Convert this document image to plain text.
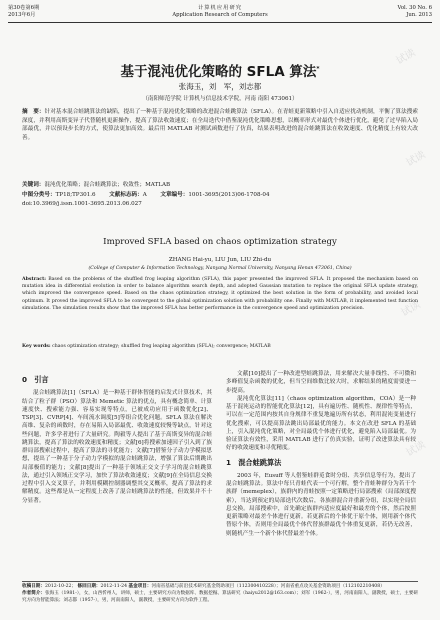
第30卷第6期
2013年6月
计算机应用研究
Application Research of Computers
Vol. 30 No. 6
Jun. 2013
试读
试读
试读
试读
基于混沌优化策略的 SFLA 算法*
张海玉，刘　军，刘志都
（南阳师范学院 计算机与信息技术学院，河南 南阳 473061）
摘　要：针对基本混合蛙跳算法的缺陷，提出了一种基于混沌优化策略的改进混合蛙跳算法（SFLA）。在青蛙更新策略中引入自适应扰动机制，平衡了算法搜索深度，并利用高斯变异子代替随机更新操作，提高了算法收敛速度；在全局迭代中借鉴混沌优化策略思想，以概率形式对最优个体进行优化，避免了过早陷入局部最优，并以预设步长的方式，使算法更加高效。最后用 MATLAB 对测试函数进行了仿真，结果表明改进的混合蛙跳算法在收敛速度、优化精度上有较大改善。
关键词：混沌优化策略；混合蛙跳算法；收敛性；MATLAB
中图分类号：TP18;TP301.6 文献标志码：A 文章编号：1001-3695(2013)06-1708-04
doi:10.3969/j.issn.1001-3695.2013.06.027
Improved SFLA based on chaos optimization strategy
ZHANG Hai-yu, LIU Jun, LIU Zhi-du
(College of Computer & Information Technology, Nanyang Normal University, Nanyang Henan 473061, China)
Abstract: Based on the problems of the shuffled frog leaping algorithm (SFLA), this paper presented the improved SFLA. It proposed the mechanism based on mutation idea in differential evolution in order to balance algorithm search depth, and adopted Gaussian mutation to replace the original SFLA update strategy, which improved the convergence speed. Based on the chaos optimization strategy, it optimized the best solution in the form of probability, and avoided local optimum. It proved the improved SFLA to be convergent to the global optimization solution with probability one. Finally with MATLAB, it implemented test function simulations. The simulation results show that the improved SFLA has better performance in the convergence speed and optimization precision.
Key words: chaos optimization strategy; shuffled frog leaping algorithm (SFLA); convergence; MATLAB
0　引言

混合蛙跳算法[1]（SFLA）是一种基于群体智能的启发式计算技术，其结合了粒子群（PSO）算法和 Memetic 算法的优点，具有概念简单、计算速度快、搜索能力强、容易实现等特点，已被成功应用于函数优化[2]、TSP[3]、CVRP[4]、车间流水调度[5]等组合优化问题。SFLA 算法在解决高维、复杂的函数时，存在易陷入局部最优、收敛速度较慢等缺点，针对这些问题，许多学者进行了大量研究。陶毅等人提出了基于高斯变异的混合蛙跳算法，提高了算法的收敛速度和精度；文献[6]将搜索加速因子引入到了族群局部搜索过程中，提高了算法的寻优能力；文献[7]借鉴分子动力学模拟思想，提出了一种基于分子动力学模拟的混合蛙跳算法，增强了算法后期跳出局部极值的能力；文献[8]提出了一种基于领域正交文子学习的混合蛙跳算法，通过引入领域正交学习，加快了算法收敛速度；文献[9]在全局信息交换过程中引入交叉算子，并利用模糊控制器调整其交叉概率，提高了算法的求解精度。这些都是从一定程度上改善了混合蛙跳算法的性能，但效果并不十分显著。

文献[10]提出了一种改进型蛙跳算法，用来解决大量非线性、不可微和多峰值复杂函数的优化，但当空间维数比较大时，求解结果的精度需要进一步提高。

混沌优化算法[11]（chaos optimization algorithm，COA）是一种基于混沌运动的智能优化算法[12]，具有遍历性、随机性、规律性等特点，可以在一定范围内按其自身规律不重复地遍历所有状态，利用混沌变量进行优化搜索，可以提高算法跳出局部最优的能力。本文在改进 SFLA 的基础上，引入混沌优化策略，对全局最优个体进行优化，避免陷入局部最优。为验证算法有效性，采用 MATLAB 进行了仿真实验，证明了改进算法具有较好的收敛速度和寻优精度。

1　混合蛙跳算法

2003 年，Eusuff 等人借鉴蛙群觅食时分组、共享信息等行为，提出了混合蛙跳算法。算法中每只青蛙代表一个可行解，整个青蛙种群分为若干个族群（memeplex），族群内的青蛙按照一定策略进行局部搜索（局部深度搜索），当达到预定的局部迭代次数后，各族群混合并重新分组，以实现全局信息交换。局部搜索中，首先确定族群内适应度最好和最差的个体，然后按照更新策略对最差个体进行更新。若更新后的个体优于原个体，则用新个体代替原个体，否则用全局最优个体代替族群最优个体重复更新，若仍无改善，则随机产生一个新个体代替最差个体。

收稿日期：2012-10-22； 修回日期：2012-11-24 基金项目：河南省基础与前沿技术研究基金资助项目（112300410228）；河南省重点攻关基金资助项目（112102210408）
作者简介：张海玉（1981-），女，山西忻州人，讲师，硕士，主要研究方向为数据库、数据挖掘、算法研究（haiyu2012@163.com）；刘军（1962-），男，河南南阳人，副教授，硕士，主要研究方向为智能算法；刘志都（1957-），男，河南南阳人，副教授，主要研究方向为软件工程。
